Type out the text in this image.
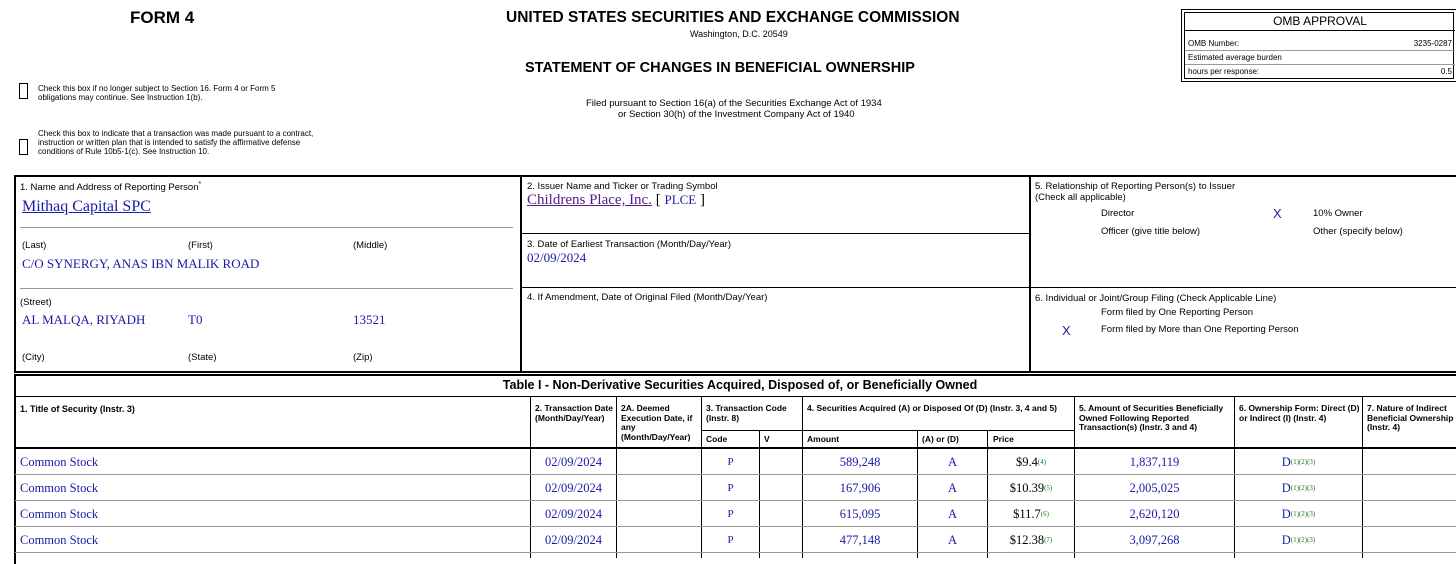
FORM 4	UNITED STATES SECURITIES AND EXCHANGE COMMISSION
Washington, D.C. 20549
STATEMENT OF CHANGES IN BENEFICIAL OWNERSHIP
Filed pursuant to Section 16(a) of the Securities Exchange Act of 1934
or Section 30(h) of the Investment Company Act of 1940
Check this box if no longer subject to Section 16. Form 4 or Form 5 obligations may continue. See Instruction 1(b).
Check this box to indicate that a transaction was made pursuant to a contract, instruction or written plan that is intended to satisfy the affirmative defense conditions of Rule 10b5-1(c). See Instruction 10.
OMB APPROVAL
OMB Number:	3235-0287
Estimated average burden
hours per response:	0.5
1. Name and Address of Reporting Person*
Mithaq Capital SPC
(Last)	(First)	(Middle)
C/O SYNERGY, ANAS IBN MALIK ROAD
(Street)
AL MALQA, RIYADH	T0	13521
(City)	(State)	(Zip)
2. Issuer Name and Ticker or Trading Symbol
Childrens Place, Inc. [ PLCE ]
3. Date of Earliest Transaction (Month/Day/Year)
02/09/2024
4. If Amendment, Date of Original Filed (Month/Day/Year)
5. Relationship of Reporting Person(s) to Issuer
(Check all applicable)
Director	X	10% Owner
Officer (give title below)	Other (specify below)
6. Individual or Joint/Group Filing (Check Applicable Line)
Form filed by One Reporting Person
X	Form filed by More than One Reporting Person
Table I - Non-Derivative Securities Acquired, Disposed of, or Beneficially Owned
1. Title of Security (Instr. 3)	2. Transaction Date (Month/Day/Year)
2A. Deemed Execution Date, if any (Month/Day/Year)
3. Transaction Code (Instr. 8)
Code	V
4. Securities Acquired (A) or Disposed Of (D) (Instr. 3, 4 and 5)
Amount	(A) or (D)	Price
5. Amount of Securities Beneficially Owned Following Reported Transaction(s) (Instr. 3 and 4)
6. Ownership Form: Direct (D) or Indirect (I) (Instr. 4)
7. Nature of Indirect Beneficial Ownership (Instr. 4)
Common Stock	02/09/2024	P	589,248	A	$9.4 (4)	1,837,119	D (1)(2)(3)
Common Stock	02/09/2024	P	167,906	A	$10.39 (5)	2,005,025	D (1)(2)(3)
Common Stock	02/09/2024	P	615,095	A	$11.7 (6)	2,620,120	D (1)(2)(3)
Common Stock	02/09/2024	P	477,148	A	$12.38 (7)	3,097,268	D (1)(2)(3)
